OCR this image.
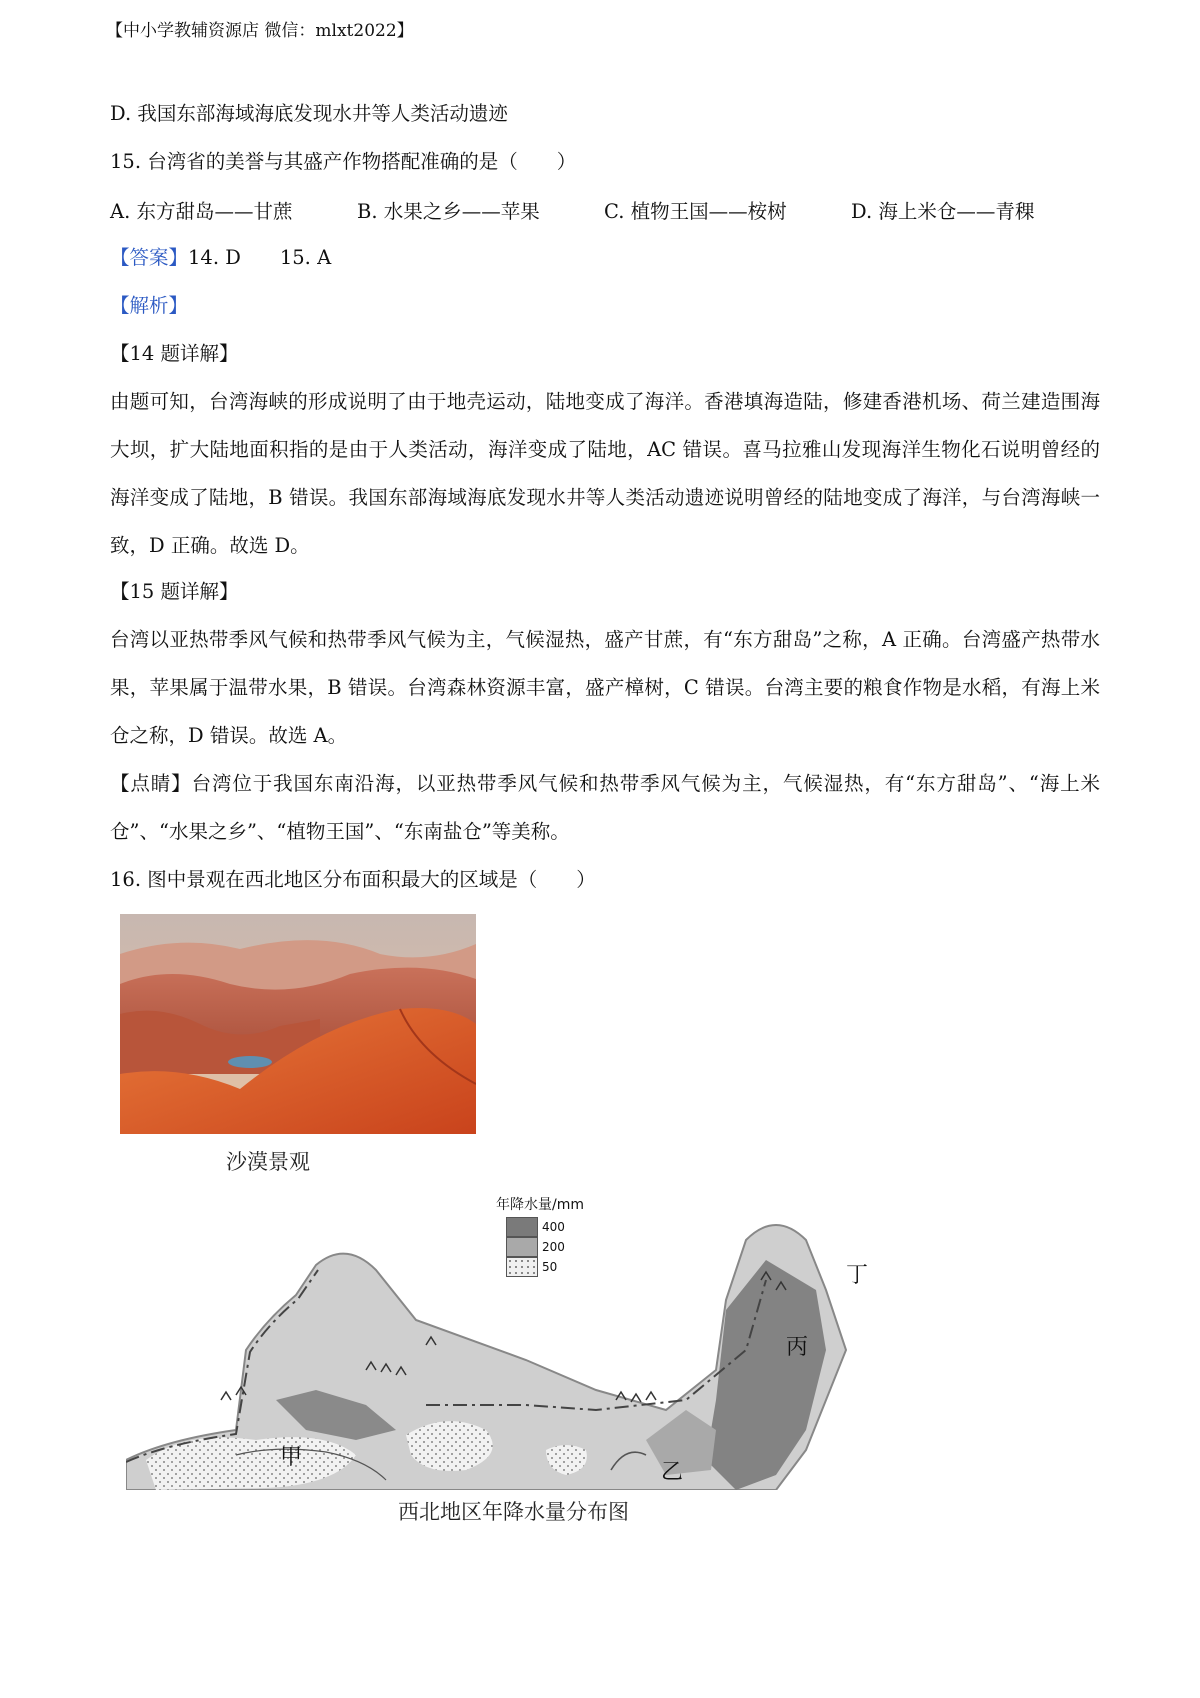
【中小学教辅资源店 微信：mlxt2022】
D. 我国东部海域海底发现水井等人类活动遗迹
15. 台湾省的美誉与其盛产作物搭配准确的是（　　）
A. 东方甜岛——甘蔗	B. 水果之乡——苹果	C. 植物王国——桉树	D. 海上米仓——青稞
【答案】14. D　　15. A
【解析】
【14 题详解】
由题可知，台湾海峡的形成说明了由于地壳运动，陆地变成了海洋。香港填海造陆，修建香港机场、荷兰建造围海大坝，扩大陆地面积指的是由于人类活动，海洋变成了陆地，AC 错误。喜马拉雅山发现海洋生物化石说明曾经的海洋变成了陆地，B 错误。我国东部海域海底发现水井等人类活动遗迹说明曾经的陆地变成了海洋，与台湾海峡一致，D 正确。故选 D。
【15 题详解】
台湾以亚热带季风气候和热带季风气候为主，气候湿热，盛产甘蔗，有“东方甜岛”之称，A 正确。台湾盛产热带水果，苹果属于温带水果，B 错误。台湾森林资源丰富，盛产樟树，C 错误。台湾主要的粮食作物是水稻，有海上米仓之称，D 错误。故选 A。
【点睛】台湾位于我国东南沿海，以亚热带季风气候和热带季风气候为主，气候湿热，有“东方甜岛”、“海上米仓”、“水果之乡”、“植物王国”、“东南盐仓”等美称。
16. 图中景观在西北地区分布面积最大的区域是（　　）
沙漠景观
年降水量/mm
400
200
50
甲
乙
丙
丁
西北地区年降水量分布图
